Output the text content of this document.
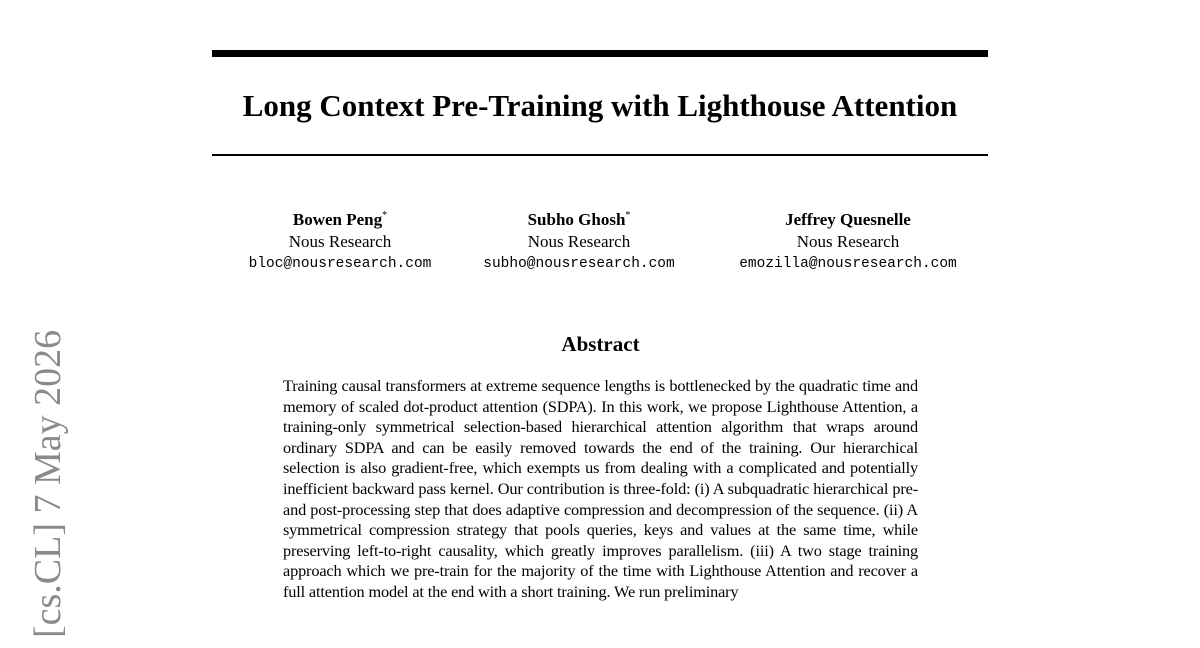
Long Context Pre-Training with Lighthouse Attention
Bowen Peng*
Nous Research
bloc@nousresearch.com
Subho Ghosh*
Nous Research
subho@nousresearch.com
Jeffrey Quesnelle
Nous Research
emozilla@nousresearch.com
[cs.CL] 7 May 2026	Abstract

Training causal transformers at extreme sequence lengths is bottlenecked by the quadratic time and memory of scaled dot-product attention (SDPA). In this work, we propose Lighthouse Attention, a training-only symmetrical selection-based hierarchical attention algorithm that wraps around ordinary SDPA and can be easily removed towards the end of the training. Our hierarchical selection is also gradient-free, which exempts us from dealing with a complicated and potentially inefficient backward pass kernel. Our contribution is three-fold: (i) A subquadratic hierarchical pre- and post-processing step that does adaptive compression and decompression of the sequence. (ii) A symmetrical compression strategy that pools queries, keys and values at the same time, while preserving left-to-right causality, which greatly improves parallelism. (iii) A two stage training approach which we pre-train for the majority of the time with Lighthouse Attention and recover a full attention model at the end with a short training. We run preliminary
